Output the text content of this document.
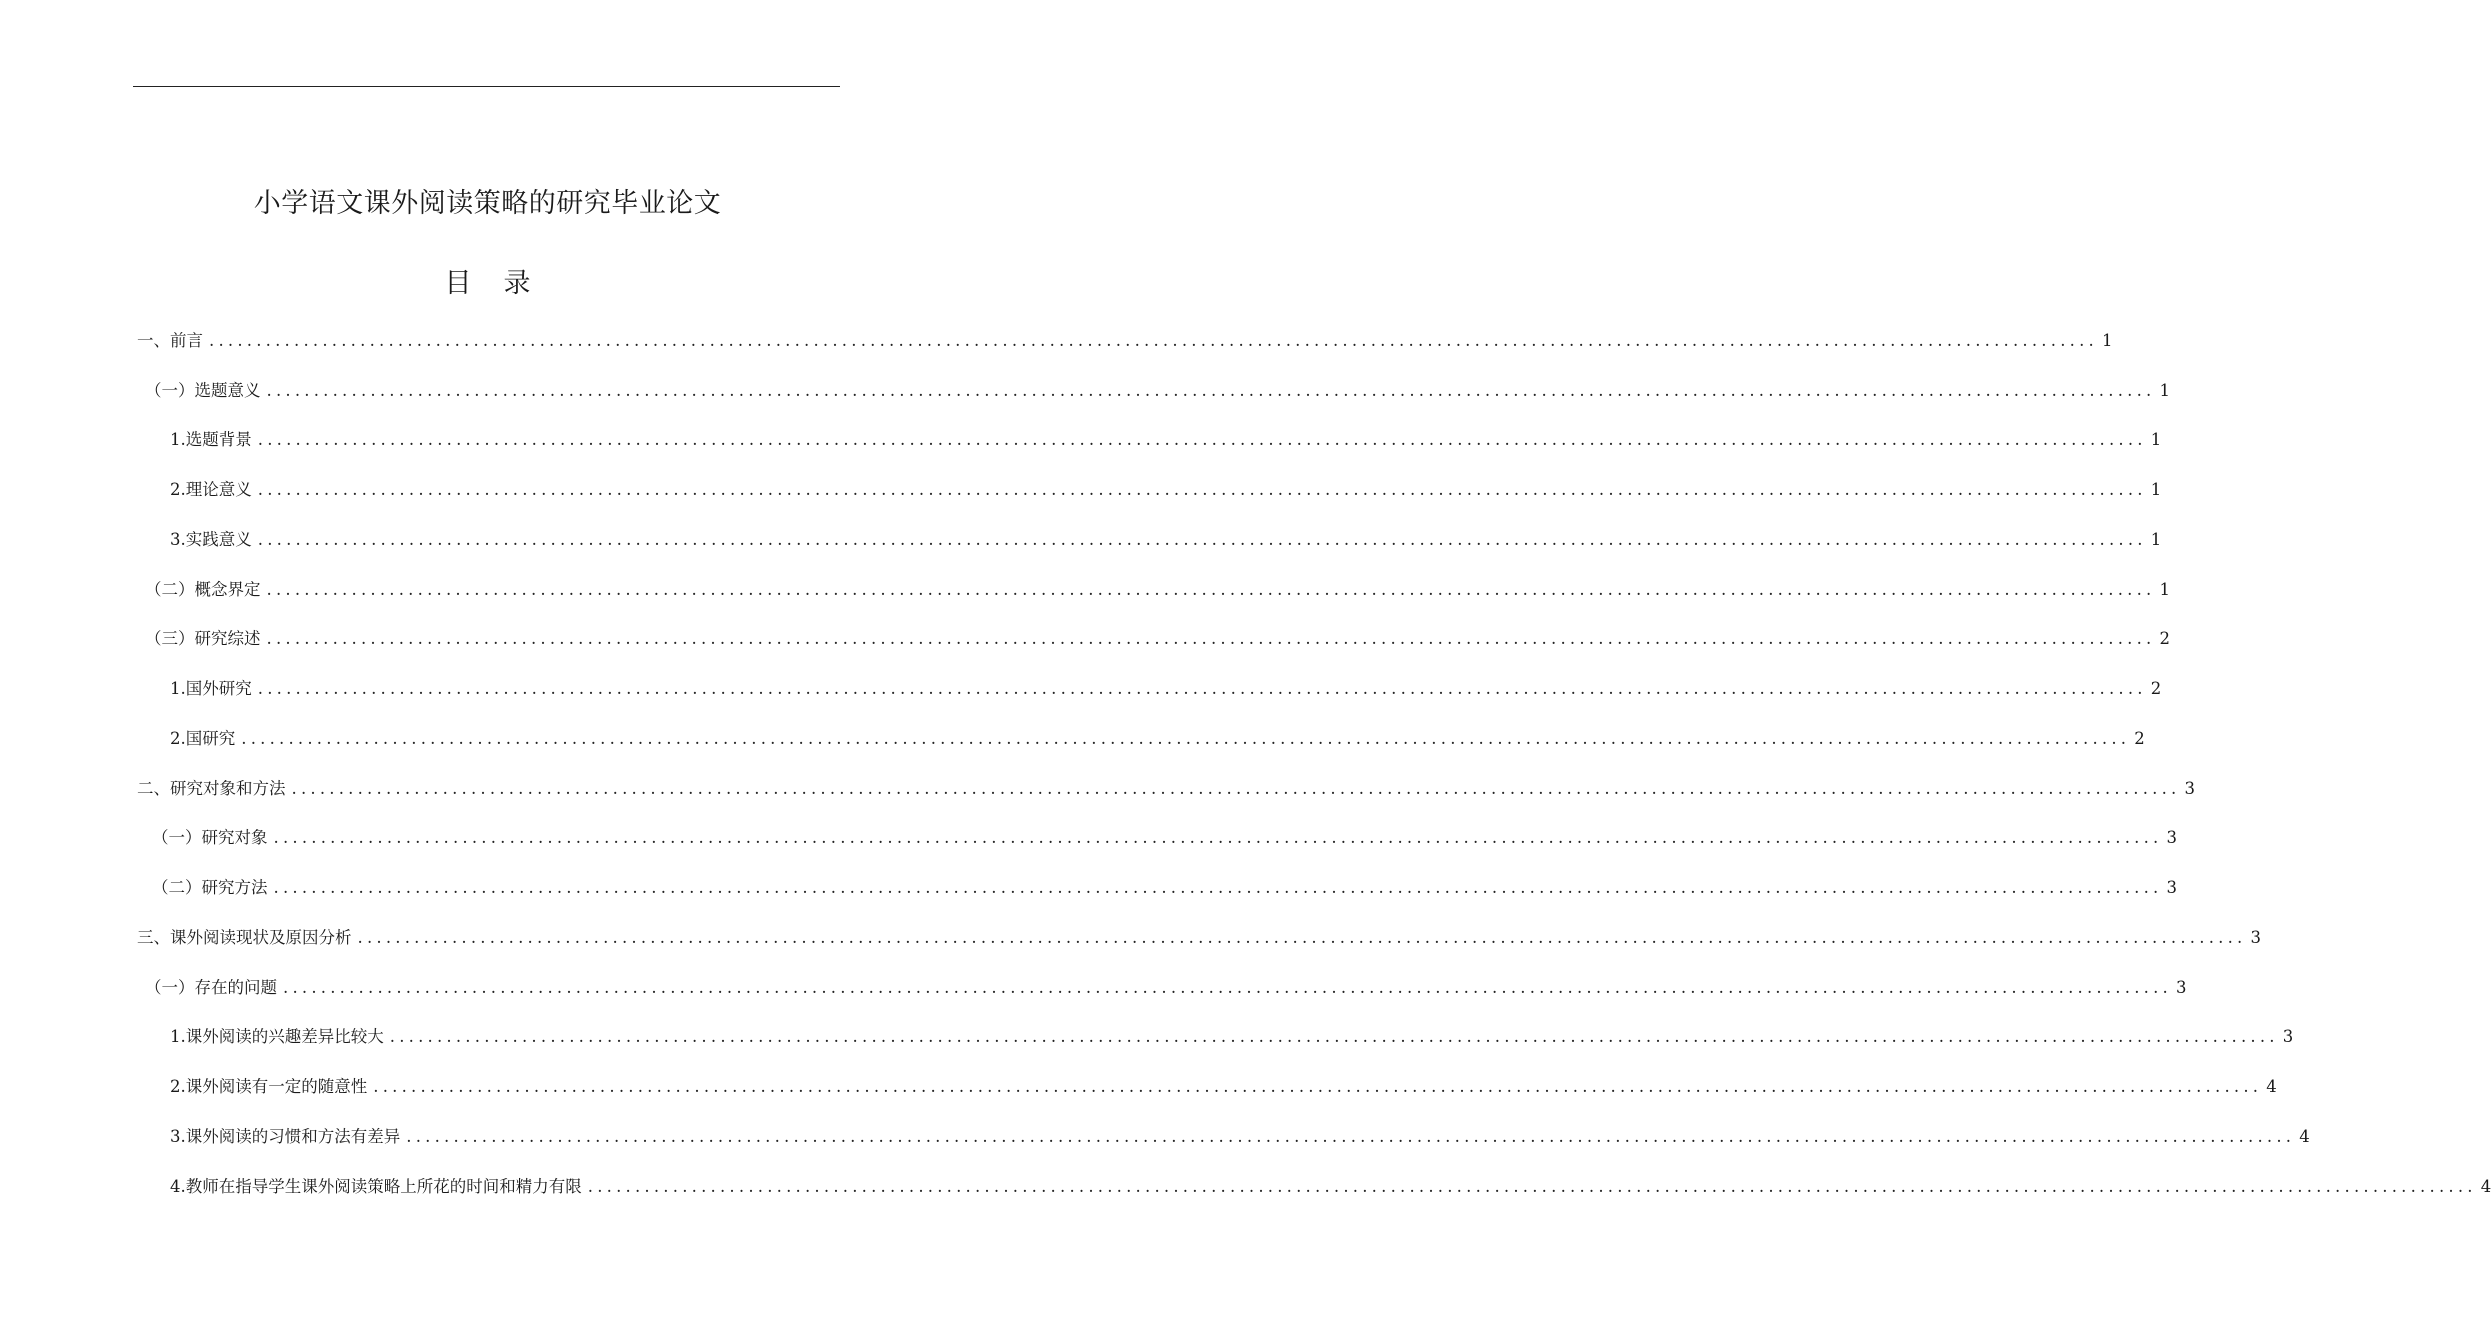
小学语文课外阅读策略的研究毕业论文
目 录
一、前言 ........................................................................................................................................................................................................ 1
（一）选题意义 ........................................................................................................................................................................................................ 1
1.选题背景 ........................................................................................................................................................................................................ 1
2.理论意义 ........................................................................................................................................................................................................ 1
3.实践意义 ........................................................................................................................................................................................................ 1
（二）概念界定 ........................................................................................................................................................................................................ 1
（三）研究综述 ........................................................................................................................................................................................................ 2
1.国外研究 ........................................................................................................................................................................................................ 2
2.国研究 ........................................................................................................................................................................................................ 2
二、研究对象和方法 ........................................................................................................................................................................................................ 3
（一）研究对象 ........................................................................................................................................................................................................ 3
（二）研究方法 ........................................................................................................................................................................................................ 3
三、课外阅读现状及原因分析 ........................................................................................................................................................................................................ 3
（一）存在的问题 ........................................................................................................................................................................................................ 3
1.课外阅读的兴趣差异比较大 ........................................................................................................................................................................................................ 3
2.课外阅读有一定的随意性 ........................................................................................................................................................................................................ 4
3.课外阅读的习惯和方法有差异 ........................................................................................................................................................................................................ 4
4.教师在指导学生课外阅读策略上所花的时间和精力有限 ........................................................................................................................................................................................................ 4
